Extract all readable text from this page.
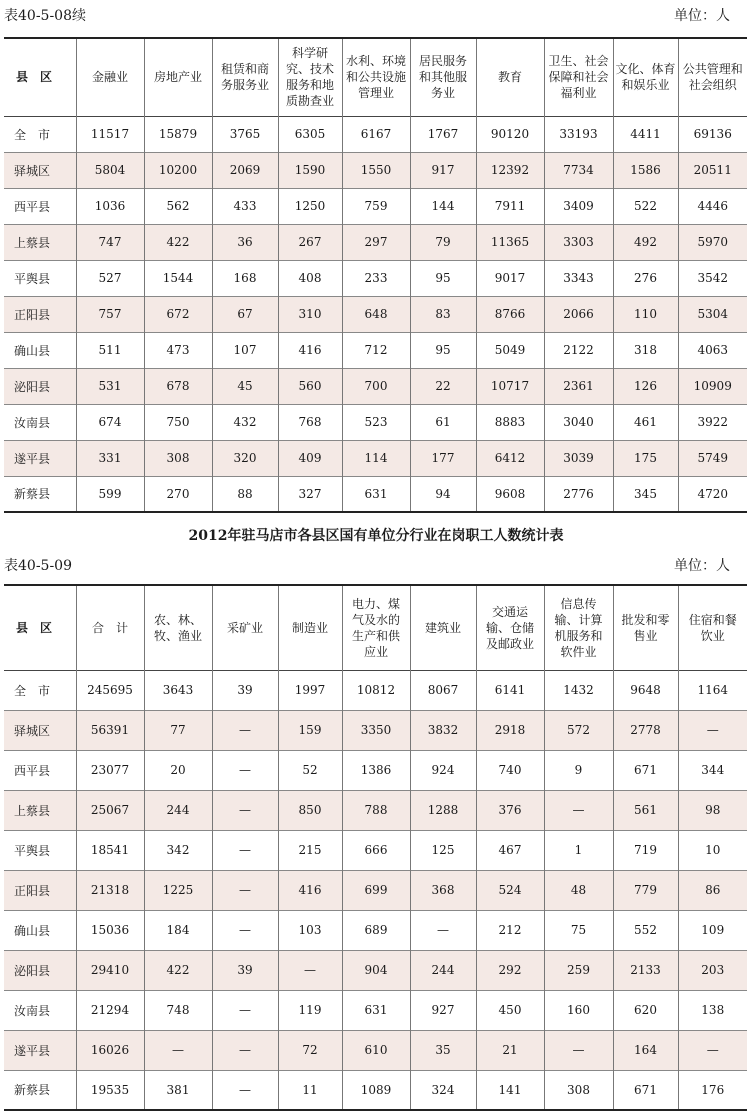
表40-5-08续	单位：人
县　区	金融业	房地产业	租赁和商
务服务业	科学研
究、技术
服务和地
质勘查业	水利、环境
和公共设施
管理业	居民服务
和其他服
务业	教育	卫生、社会
保障和社会
福利业	文化、体育
和娱乐业	公共管理和
社会组织
全　市	11517	15879	3765	6305	6167	1767	90120	33193	4411	69136
驿城区	5804	10200	2069	1590	1550	917	12392	7734	1586	20511
西平县	1036	562	433	1250	759	144	7911	3409	522	4446
上蔡县	747	422	36	267	297	79	11365	3303	492	5970
平舆县	527	1544	168	408	233	95	9017	3343	276	3542
正阳县	757	672	67	310	648	83	8766	2066	110	5304
确山县	511	473	107	416	712	95	5049	2122	318	4063
泌阳县	531	678	45	560	700	22	10717	2361	126	10909
汝南县	674	750	432	768	523	61	8883	3040	461	3922
遂平县	331	308	320	409	114	177	6412	3039	175	5749
新蔡县	599	270	88	327	631	94	9608	2776	345	4720
2012年驻马店市各县区国有单位分行业在岗职工人数统计表
表40-5-09	单位：人
县　区	合　计	农、林、
牧、渔业	采矿业	制造业	电力、煤
气及水的
生产和供
应业	建筑业	交通运
输、仓储
及邮政业	信息传
输、计算
机服务和
软件业	批发和零
售业	住宿和餐
饮业
全　市	245695	3643	39	1997	10812	8067	6141	1432	9648	1164
驿城区	56391	77	—	159	3350	3832	2918	572	2778	—
西平县	23077	20	—	52	1386	924	740	9	671	344
上蔡县	25067	244	—	850	788	1288	376	—	561	98
平舆县	18541	342	—	215	666	125	467	1	719	10
正阳县	21318	1225	—	416	699	368	524	48	779	86
确山县	15036	184	—	103	689	—	212	75	552	109
泌阳县	29410	422	39	—	904	244	292	259	2133	203
汝南县	21294	748	—	119	631	927	450	160	620	138
遂平县	16026	—	—	72	610	35	21	—	164	—
新蔡县	19535	381	—	11	1089	324	141	308	671	176
